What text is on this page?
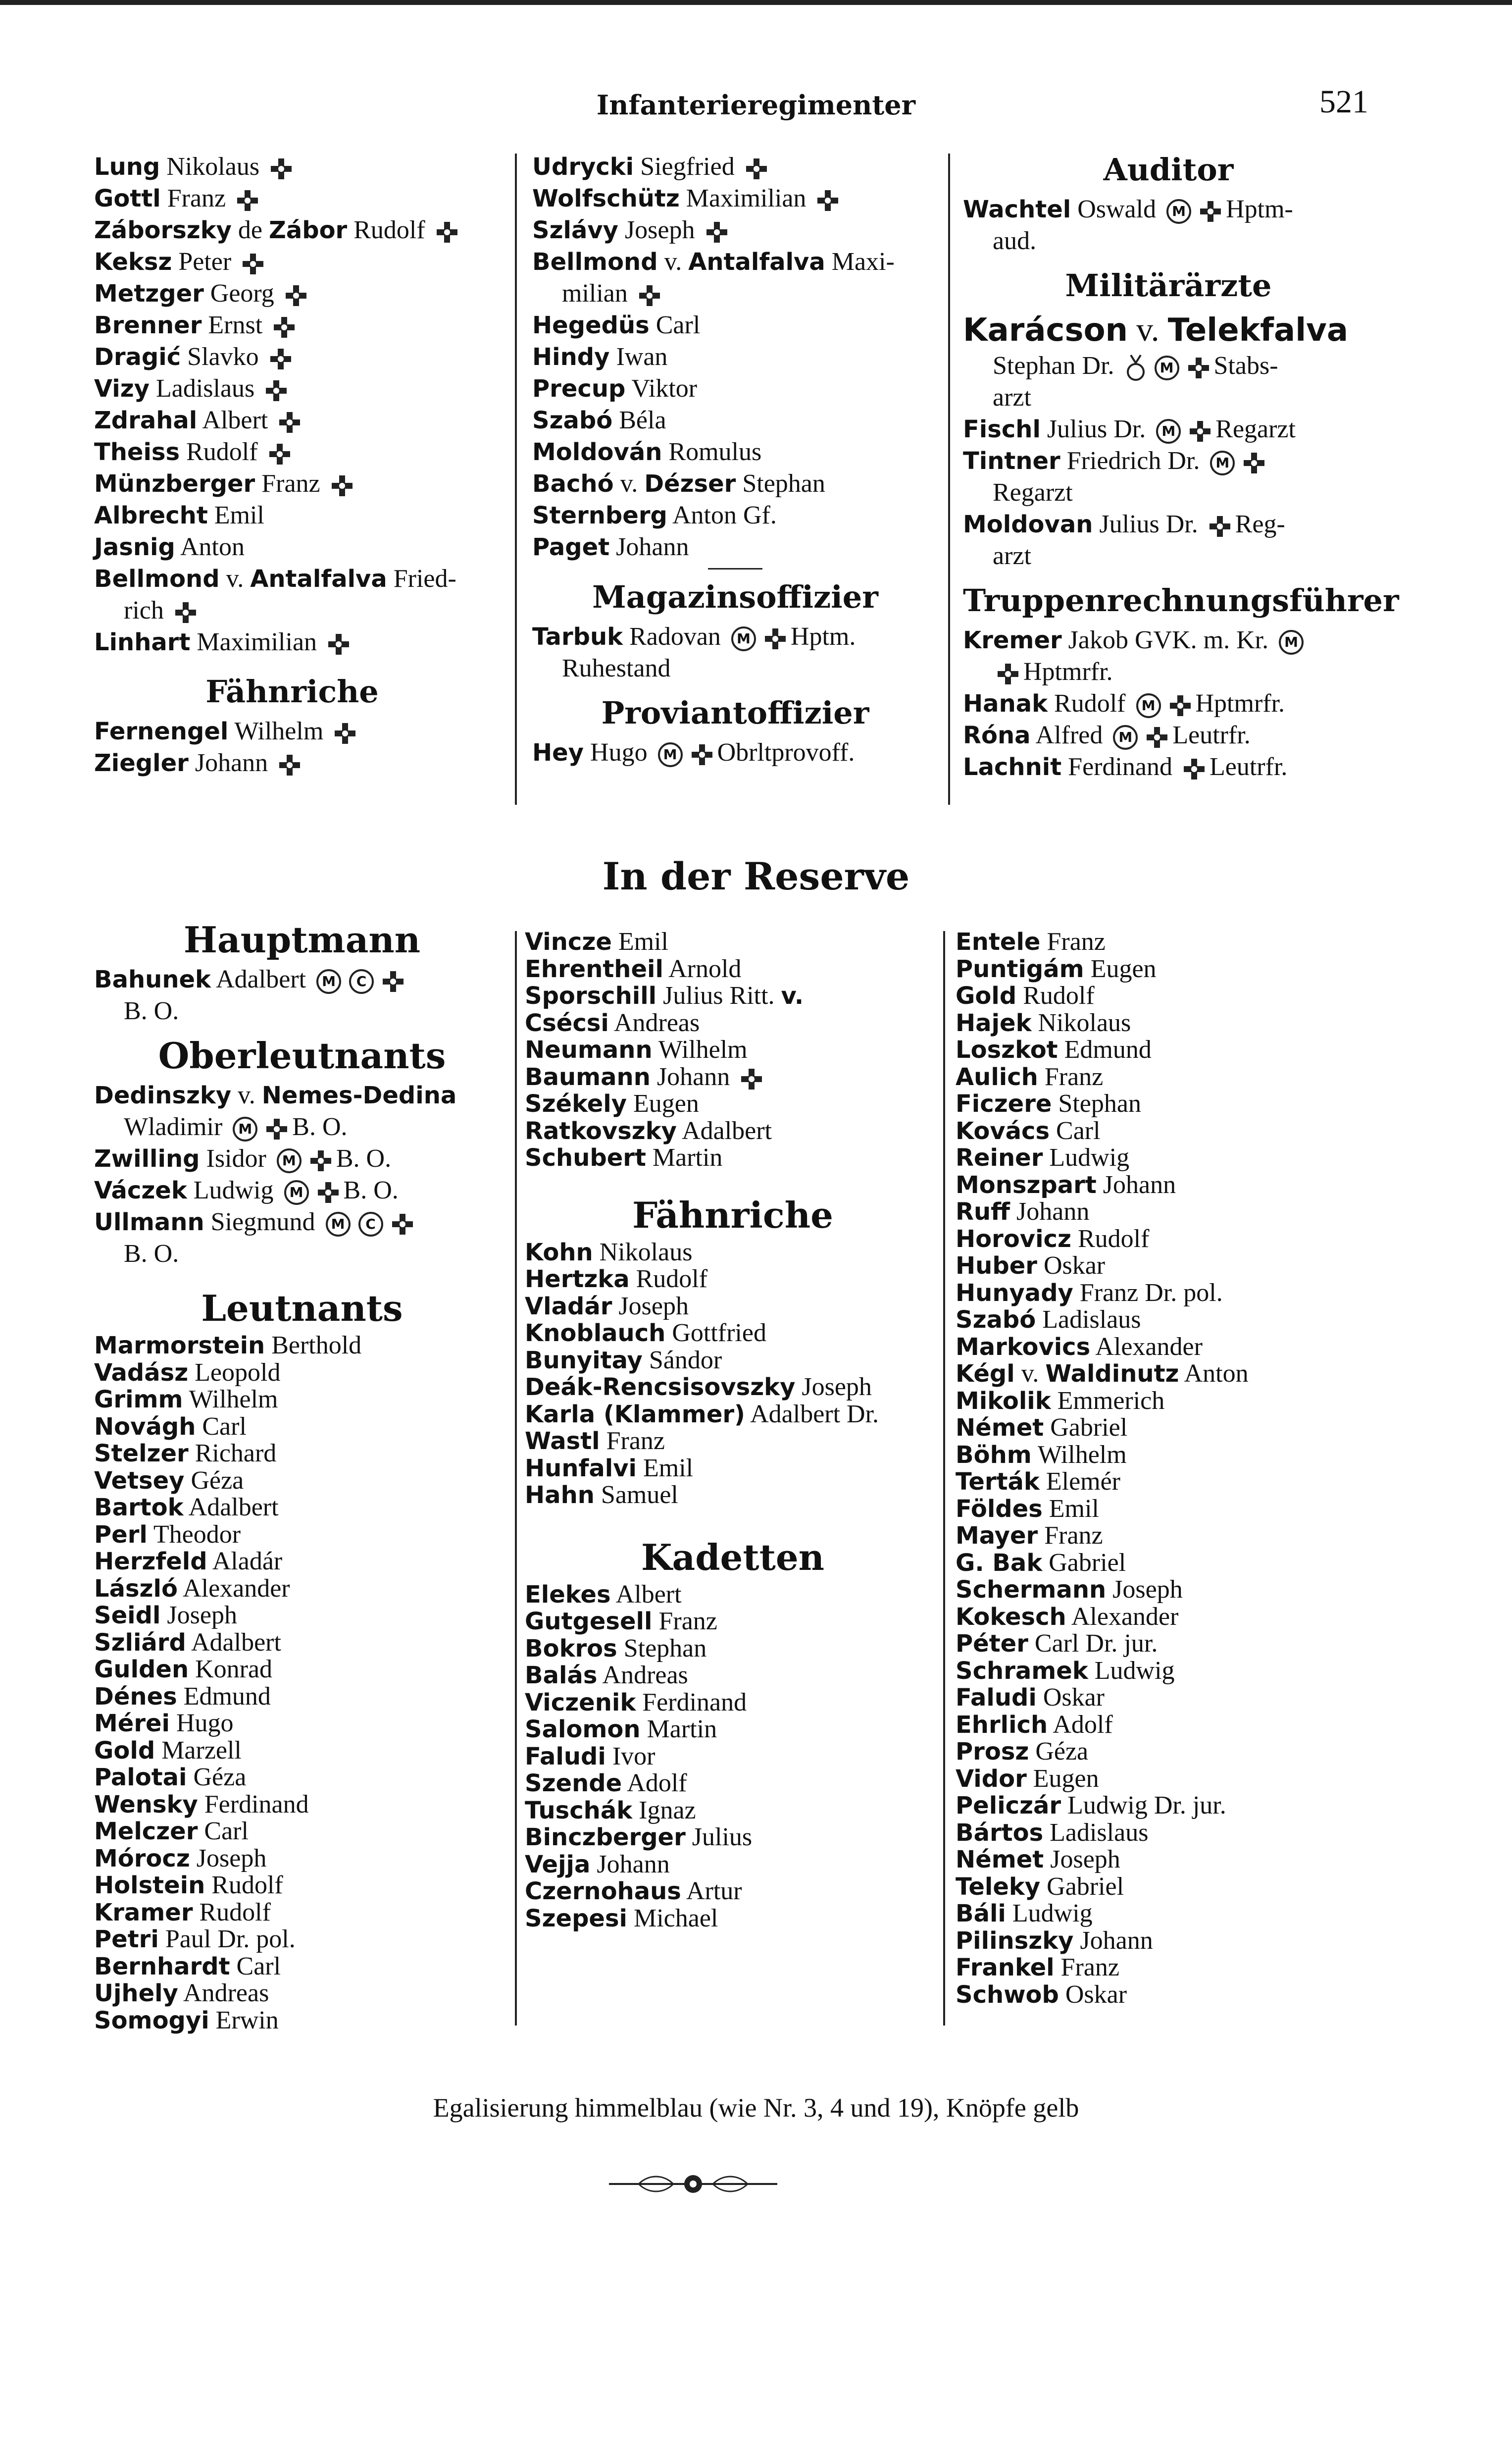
Infanterieregimenter	521
Lung Nikolaus
Gottl Franz
Záborszky de Zábor Rudolf
Keksz Peter
Metzger Georg
Brenner Ernst
Dragić Slavko
Vizy Ladislaus
Zdrahal Albert
Theiss Rudolf
Münzberger Franz
Albrecht Emil
Jasnig Anton
Bellmond v. Antalfalva Fried-
rich
Linhart Maximilian
Fähnriche
Fernengel Wilhelm
Ziegler Johann
Udrycki Siegfried
Wolfschütz Maximilian
Szlávy Joseph
Bellmond v. Antalfalva Maxi-
milian
Hegedüs Carl
Hindy Iwan
Precup Viktor
Szabó Béla
Moldován Romulus
Bachó v. Dézser Stephan
Sternberg Anton Gf.
Paget Johann
Magazinsoffizier
Tarbuk Radovan M Hptm.
Ruhestand
Proviantoffizier
Hey Hugo M Obrltprovoff.
Auditor
Wachtel Oswald M Hptm-
aud.
Militärärzte
Karácson v. Telekfalva
Stephan Dr.	M Stabs-
arzt
Fischl Julius Dr. M Regarzt
Tintner Friedrich Dr. M
Regarzt
Moldovan Julius Dr. Reg-
arzt
Truppenrechnungsführer
Kremer Jakob GVK. m. Kr. M
Hptmrfr.
Hanak Rudolf M Hptmrfr.
Róna Alfred M Leutrfr.
Lachnit Ferdinand Leutrfr.
In der Reserve
Hauptmann
Bahunek Adalbert M C
B. O.
Oberleutnants
Dedinszky v. Nemes-Dedina
Wladimir M B. O.
Zwilling Isidor M B. O.
Váczek Ludwig M B. O.
Ullmann Siegmund M C
B. O.
Leutnants
Marmorstein Berthold
Vadász Leopold
Grimm Wilhelm
Novágh Carl
Stelzer Richard
Vetsey Géza
Bartok Adalbert
Perl Theodor
Herzfeld Aladár
László Alexander
Seidl Joseph
Szliárd Adalbert
Gulden Konrad
Dénes Edmund
Mérei Hugo
Gold Marzell
Palotai Géza
Wensky Ferdinand
Melczer Carl
Mórocz Joseph
Holstein Rudolf
Kramer Rudolf
Petri Paul Dr. pol.
Bernhardt Carl
Ujhely Andreas
Somogyi Erwin
Vincze Emil
Ehrentheil Arnold
Sporschill Julius Ritt. v.
Csécsi Andreas
Neumann Wilhelm
Baumann Johann
Székely Eugen
Ratkovszky Adalbert
Schubert Martin
Fähnriche
Kohn Nikolaus
Hertzka Rudolf
Vladár Joseph
Knoblauch Gottfried
Bunyitay Sándor
Deák-Rencsisovszky Joseph
Karla (Klammer) Adalbert Dr.
Wastl Franz
Hunfalvi Emil
Hahn Samuel
Kadetten
Elekes Albert
Gutgesell Franz
Bokros Stephan
Balás Andreas
Viczenik Ferdinand
Salomon Martin
Faludi Ivor
Szende Adolf
Tuschák Ignaz
Binczberger Julius
Vejja Johann
Czernohaus Artur
Szepesi Michael
Entele Franz
Puntigám Eugen
Gold Rudolf
Hajek Nikolaus
Loszkot Edmund
Aulich Franz
Ficzere Stephan
Kovács Carl
Reiner Ludwig
Monszpart Johann
Ruff Johann
Horovicz Rudolf
Huber Oskar
Hunyady Franz Dr. pol.
Szabó Ladislaus
Markovics Alexander
Kégl v. Waldinutz Anton
Mikolik Emmerich
Német Gabriel
Böhm Wilhelm
Terták Elemér
Földes Emil
Mayer Franz
G. Bak Gabriel
Schermann Joseph
Kokesch Alexander
Péter Carl Dr. jur.
Schramek Ludwig
Faludi Oskar
Ehrlich Adolf
Prosz Géza
Vidor Eugen
Peliczár Ludwig Dr. jur.
Bártos Ladislaus
Német Joseph
Teleky Gabriel
Báli Ludwig
Pilinszky Johann
Frankel Franz
Schwob Oskar
Egalisierung himmelblau (wie Nr. 3, 4 und 19), Knöpfe gelb
